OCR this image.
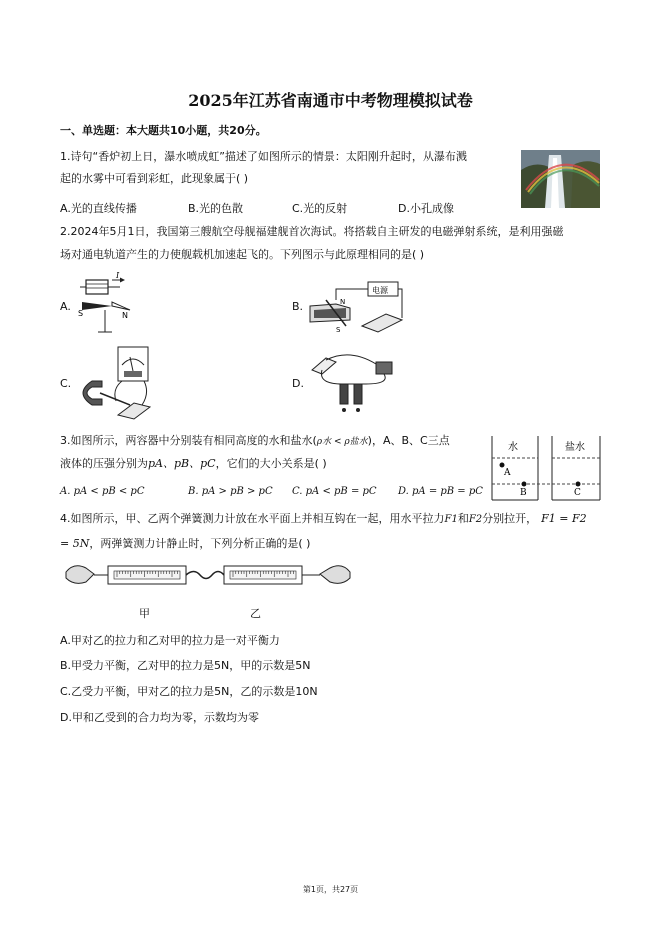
2025年江苏省南通市中考物理模拟试卷
一、单选题：本大题共10小题，共20分。
1.诗句“香炉初上日，瀑水喷成虹”描述了如图所示的情景：太阳刚升起时，从瀑布溅
起的水雾中可看到彩虹，此现象属于( )
A.光的直线传播	B.光的色散	C.光的反射	D.小孔成像
2.2024年5月1日，我国第三艘航空母舰福建舰首次海试。将搭载自主研发的电磁弹射系统，是利用强磁
场对通电轨道产生的力使舰载机加速起飞的。下列图示与此原理相同的是( )
A.
S	N
I
B.
电源
N
S
C.	D.
3.如图所示，两容器中分别装有相同高度的水和盐水(ρ水 < ρ盐水)，A、B、C三点
液体的压强分别为pA、pB、pC，它们的大小关系是( )
A. pA < pB < pC	B. pA > pB > pC C. pA < pB = pC D. pA = pB = pC
水	盐水
A
B	C
4.如图所示，甲、乙两个弹簧测力计放在水平面上并相互钩在一起，用水平拉力F1和F2分别拉开， F1 = F2
= 5N，两弹簧测力计静止时，下列分析正确的是( )
甲	乙
A.甲对乙的拉力和乙对甲的拉力是一对平衡力
B.甲受力平衡，乙对甲的拉力是5N，甲的示数是5N
C.乙受力平衡，甲对乙的拉力是5N，乙的示数是10N
D.甲和乙受到的合力均为零，示数均为零
第1页，共27页
